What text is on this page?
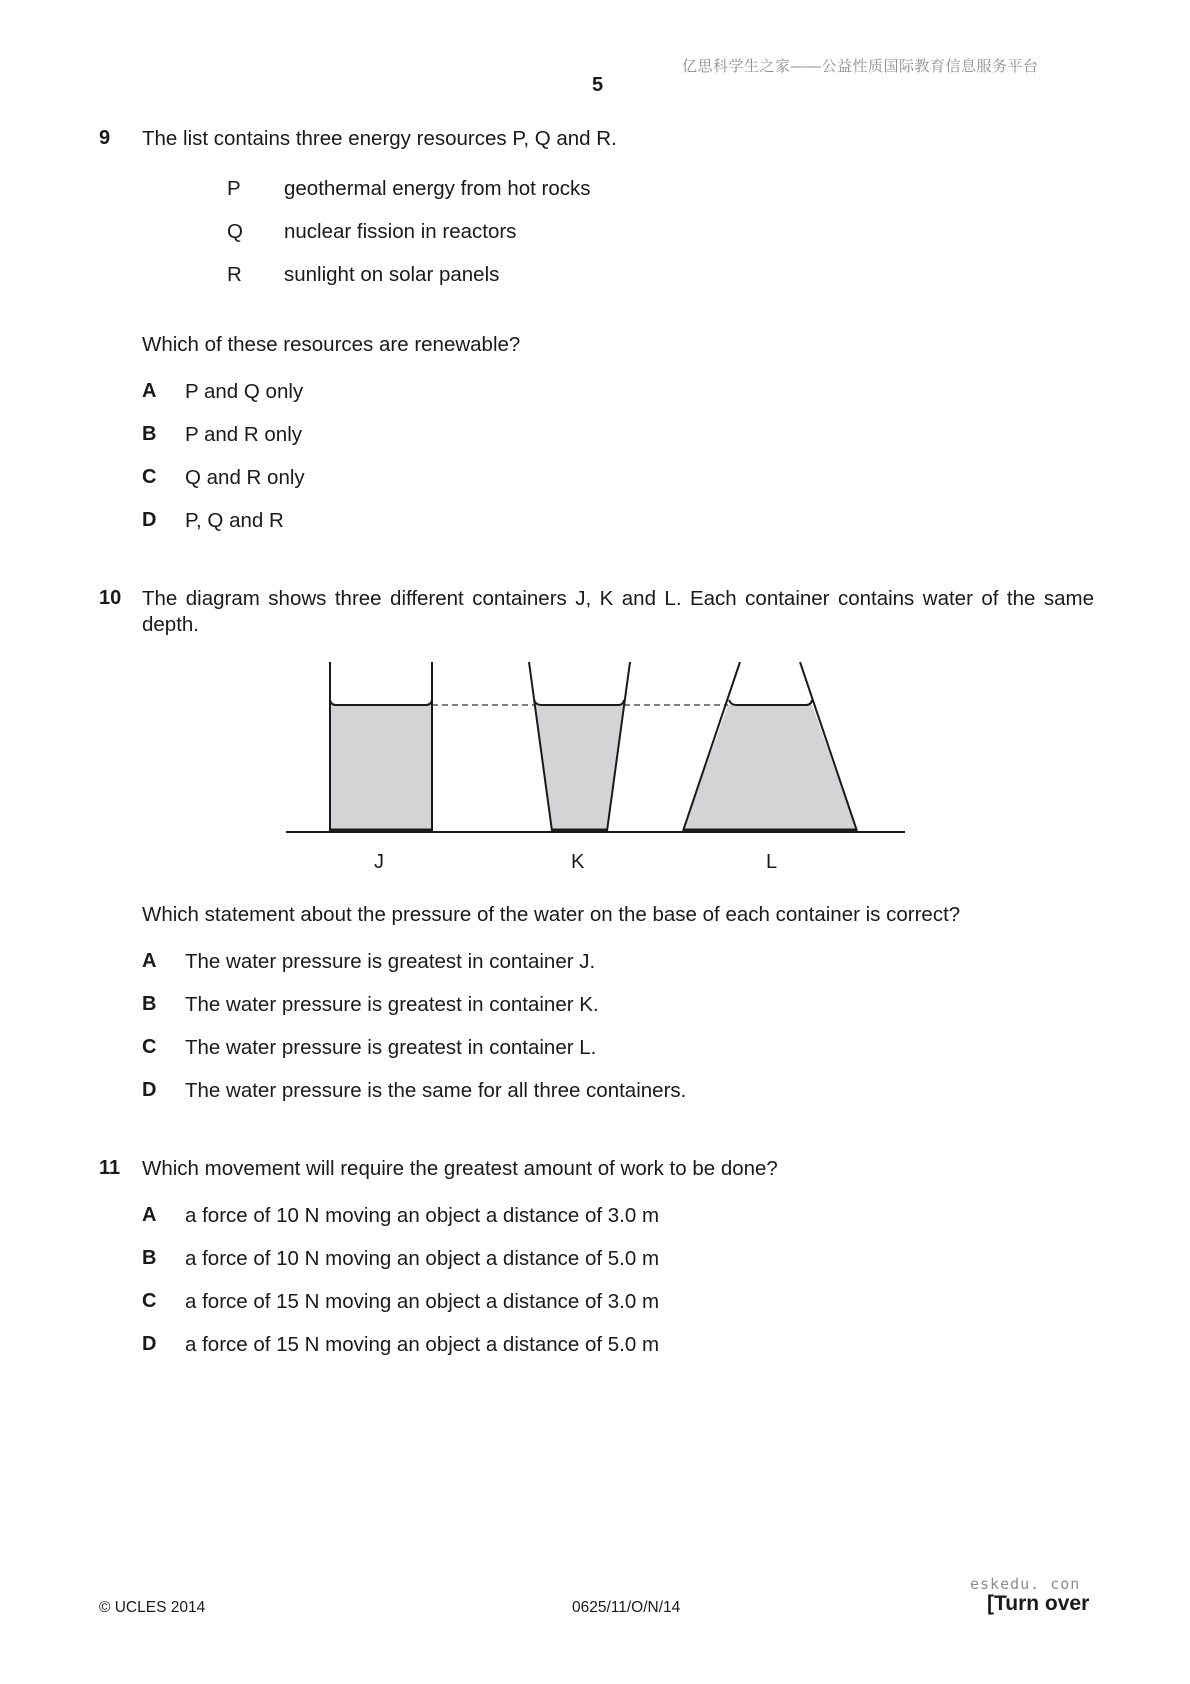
亿思科学生之家——公益性质国际教育信息服务平台
5
9 The list contains three energy resources P, Q and R.
P geothermal energy from hot rocks
Q nuclear fission in reactors
R sunlight on solar panels
Which of these resources are renewable?
A P and Q only
B P and R only
C Q and R only
D P, Q and R
10 The diagram shows three different containers J, K and L. Each container contains water of the same depth.
J	K	L
Which statement about the pressure of the water on the base of each container is correct?
A The water pressure is greatest in container J.
B The water pressure is greatest in container K.
C The water pressure is greatest in container L.
D The water pressure is the same for all three containers.
11 Which movement will require the greatest amount of work to be done?
A a force of 10 N moving an object a distance of 3.0 m
B a force of 10 N moving an object a distance of 5.0 m
C a force of 15 N moving an object a distance of 3.0 m
D a force of 15 N moving an object a distance of 5.0 m
eskedu. con
© UCLES 2014	0625/11/O/N/14	[Turn over
